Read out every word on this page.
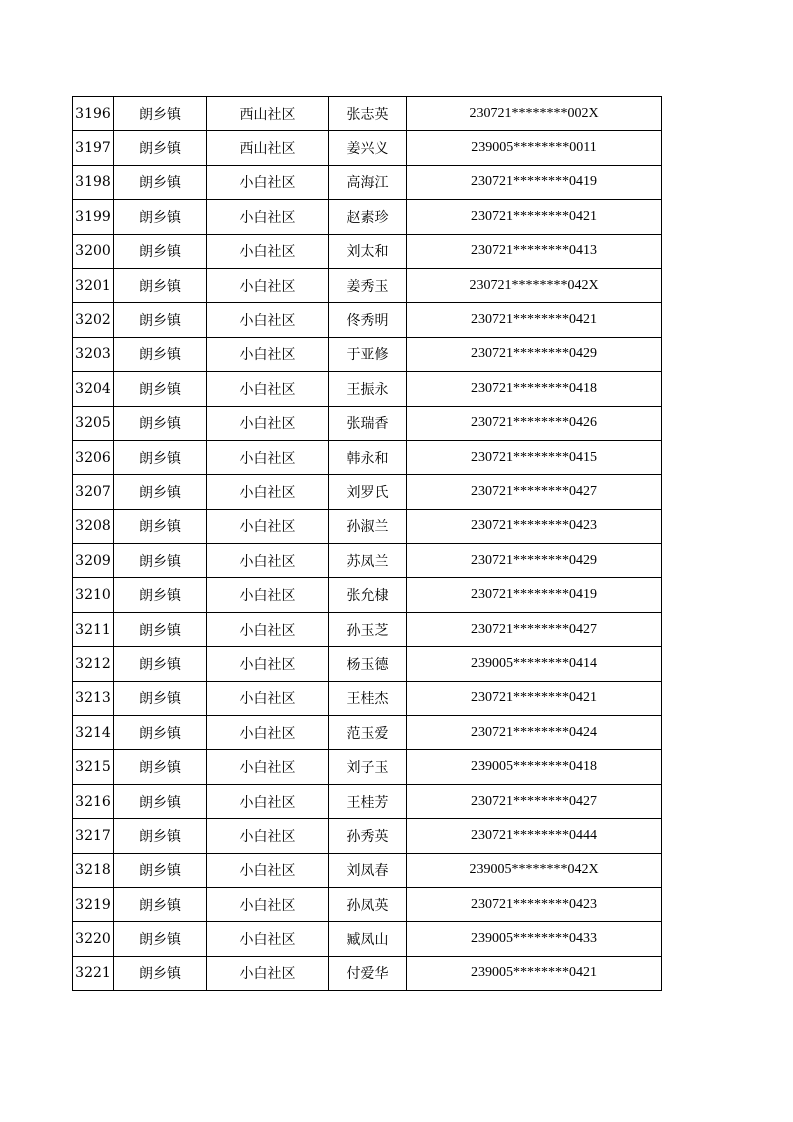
3196	朗乡镇	西山社区	张志英	230721********002X
3197	朗乡镇	西山社区	姜兴义	239005********0011
3198	朗乡镇	小白社区	高海江	230721********0419
3199	朗乡镇	小白社区	赵素珍	230721********0421
3200	朗乡镇	小白社区	刘太和	230721********0413
3201	朗乡镇	小白社区	姜秀玉	230721********042X
3202	朗乡镇	小白社区	佟秀明	230721********0421
3203	朗乡镇	小白社区	于亚修	230721********0429
3204	朗乡镇	小白社区	王振永	230721********0418
3205	朗乡镇	小白社区	张瑞香	230721********0426
3206	朗乡镇	小白社区	韩永和	230721********0415
3207	朗乡镇	小白社区	刘罗氏	230721********0427
3208	朗乡镇	小白社区	孙淑兰	230721********0423
3209	朗乡镇	小白社区	苏凤兰	230721********0429
3210	朗乡镇	小白社区	张允棣	230721********0419
3211	朗乡镇	小白社区	孙玉芝	230721********0427
3212	朗乡镇	小白社区	杨玉德	239005********0414
3213	朗乡镇	小白社区	王桂杰	230721********0421
3214	朗乡镇	小白社区	范玉爱	230721********0424
3215	朗乡镇	小白社区	刘子玉	239005********0418
3216	朗乡镇	小白社区	王桂芳	230721********0427
3217	朗乡镇	小白社区	孙秀英	230721********0444
3218	朗乡镇	小白社区	刘凤春	239005********042X
3219	朗乡镇	小白社区	孙凤英	230721********0423
3220	朗乡镇	小白社区	臧凤山	239005********0433
3221	朗乡镇	小白社区	付爱华	239005********0421
